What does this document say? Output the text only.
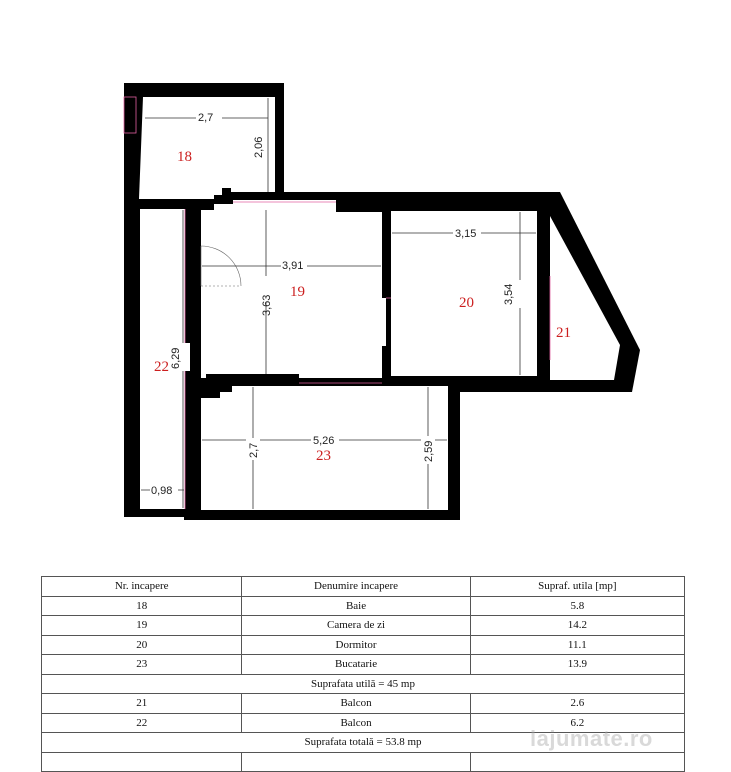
2,7
2,06
3,91
3,63
3,15
3,54
6,29
0,98
5,26
2,7	2,59
18
19
20
21
22
23
Nr. incapere	Denumire incapere	Supraf. utila [mp]
18	Baie	5.8
19	Camera de zi	14.2
20	Dormitor	11.1
23	Bucatarie	13.9
Suprafata utilă = 45 mp		
21	Balcon	2.6
22	Balcon	6.2
Suprafata totală = 53.8 mp		
			lajumate.ro
